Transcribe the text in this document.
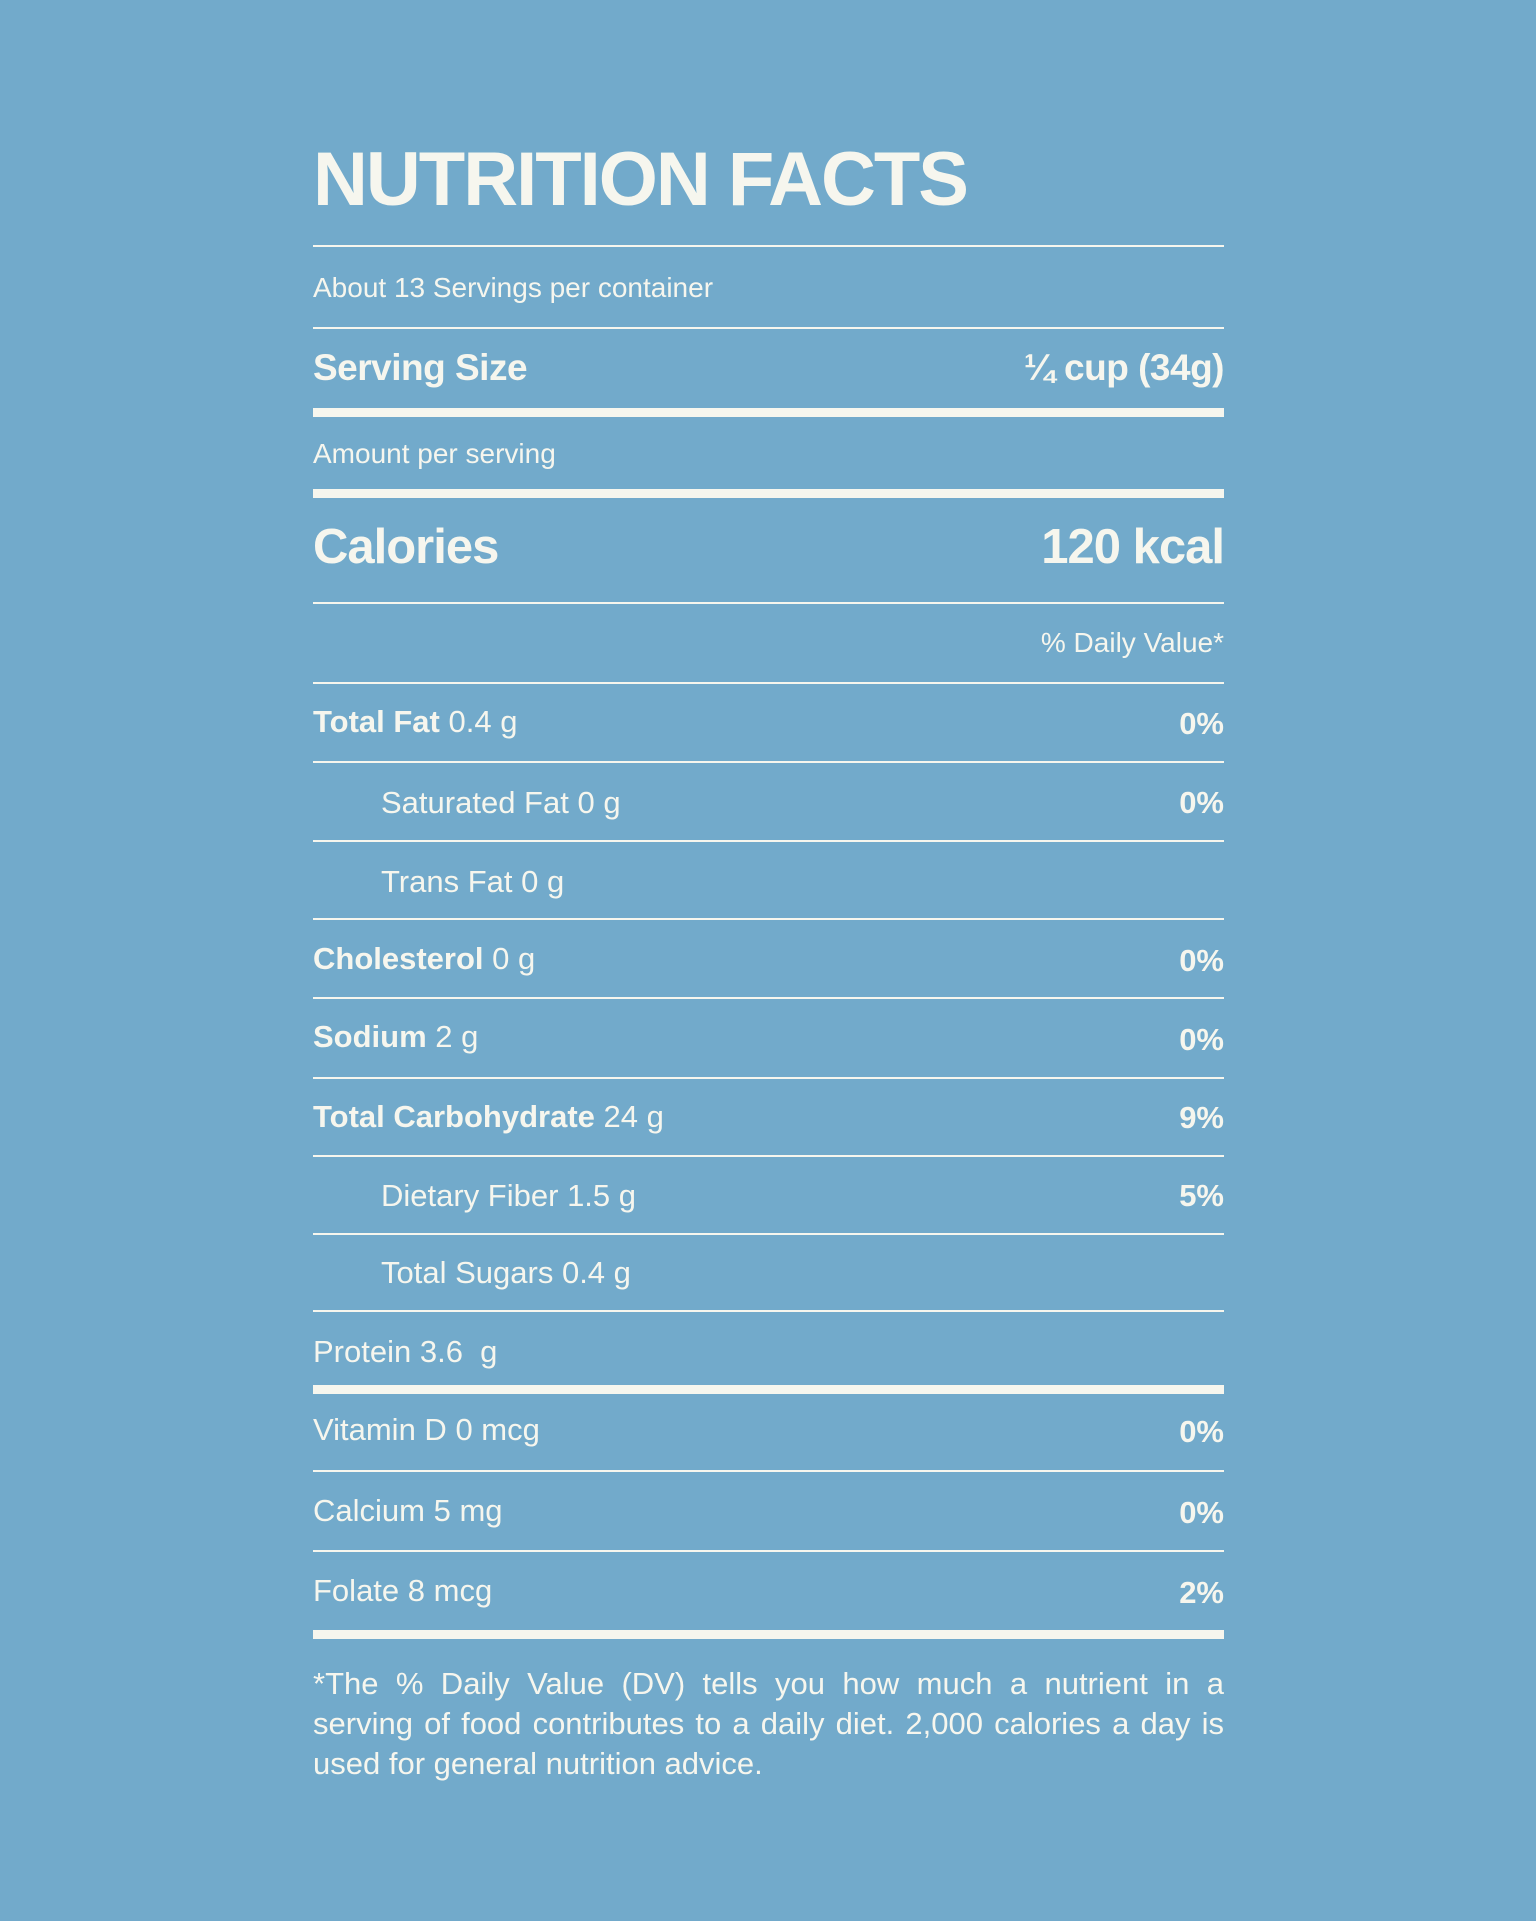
NUTRITION FACTS
About 13 Servings per container
Serving Size	¼ cup (34g)
Amount per serving
Calories	120 kcal
% Daily Value*
Total Fat 0.4 g	0%
Saturated Fat 0 g	0%
Trans Fat 0 g
Cholesterol 0 g	0%
Sodium 2 g	0%
Total Carbohydrate 24 g	9%
Dietary Fiber 1.5 g	5%
Total Sugars 0.4 g
Protein 3.6  g
Vitamin D 0 mcg	0%
Calcium 5 mg	0%
Folate 8 mcg	2%
*The % Daily Value (DV) tells you how much a nutrient in a serving of food contributes to a daily diet. 2,000 calories a day is used for general nutrition advice.
